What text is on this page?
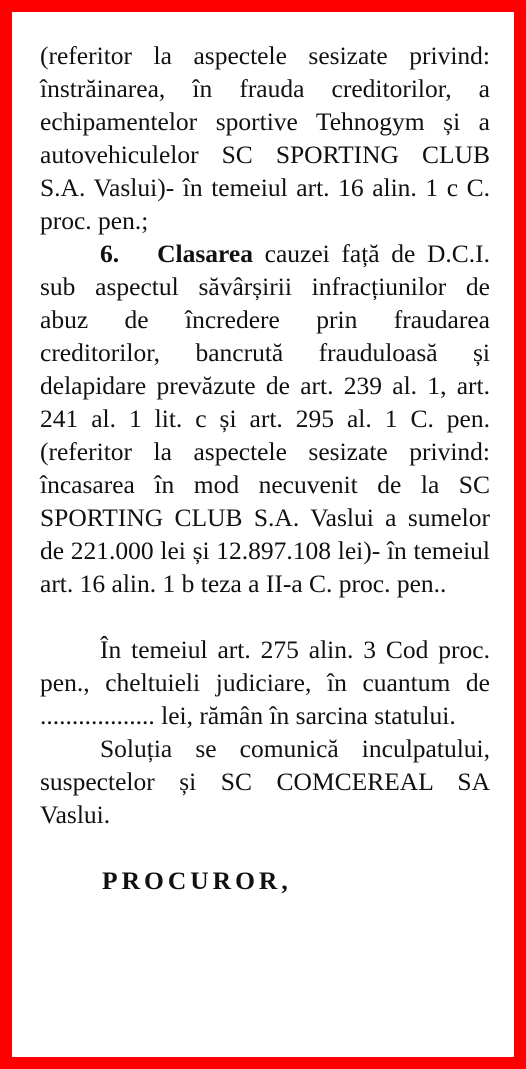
(referitor la aspectele sesizate privind: înstrăinarea, în frauda creditorilor, a echipamentelor sportive Tehnogym și a autovehiculelor SC SPORTING CLUB S.A. Vaslui)- în temeiul art. 16 alin. 1 c C. proc. pen.;

6. Clasarea cauzei față de D.C.I. sub aspectul săvârșirii infracțiunilor de abuz de încredere prin fraudarea creditorilor, bancrută frauduloasă și delapidare prevăzute de art. 239 al. 1, art. 241 al. 1 lit. c și art. 295 al. 1 C. pen. (referitor la aspectele sesizate privind: încasarea în mod necuvenit de la SC SPORTING CLUB S.A. Vaslui a sumelor de 221.000 lei și 12.897.108 lei)- în temeiul art. 16 alin. 1 b teza a II-a C. proc. pen..

În temeiul art. 275 alin. 3 Cod proc. pen., cheltuieli judiciare, în cuantum de .................. lei, rămân în sarcina statului.

Soluția se comunică inculpatului, suspectelor și SC COMCEREAL SA Vaslui.

PROCUROR,
